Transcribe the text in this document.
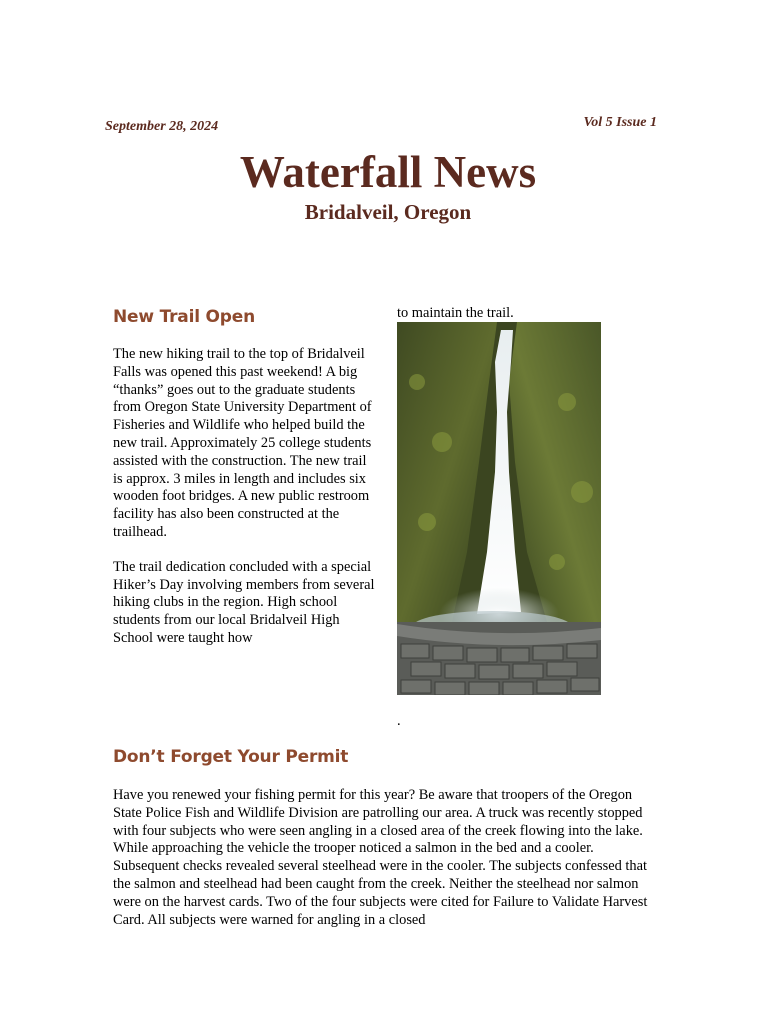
September 28, 2024	Vol 5 Issue 1
Waterfall News
Bridalveil, Oregon
New Trail Open

The new hiking trail to the top of Bridalveil Falls was opened this past weekend! A big “thanks” goes out to the graduate students from Oregon State University Department of Fisheries and Wildlife who helped build the new trail. Approximately 25 college students assisted with the construction. The new trail is approx. 3 miles in length and includes six wooden foot bridges. A new public restroom facility has also been constructed at the trailhead.

The trail dedication concluded with a special Hiker’s Day involving members from several hiking clubs in the region. High school students from our local Bridalveil High School were taught how

to maintain the trail.
.
Don’t Forget Your Permit

Have you renewed your fishing permit for this year? Be aware that troopers of the Oregon State Police Fish and Wildlife Division are patrolling our area. A truck was recently stopped with four subjects who were seen angling in a closed area of the creek flowing into the lake. While approaching the vehicle the trooper noticed a salmon in the bed and a cooler. Subsequent checks revealed several steelhead were in the cooler. The subjects confessed that the salmon and steelhead had been caught from the creek. Neither the steelhead nor salmon were on the harvest cards. Two of the four subjects were cited for Failure to Validate Harvest Card. All subjects were warned for angling in a closed
